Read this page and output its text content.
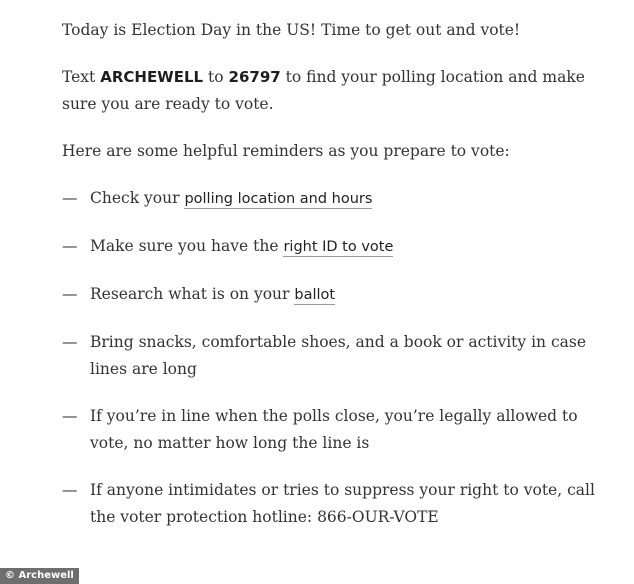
Today is Election Day in the US! Time to get out and vote!

Text ARCHEWELL to 26797 to find your polling location and make sure you are ready to vote.

Here are some helpful reminders as you prepare to vote:

— Check your polling location and hours
— Make sure you have the right ID to vote
— Research what is on your ballot
— Bring snacks, comfortable shoes, and a book or activity in case lines are long
— If you’re in line when the polls close, you’re legally allowed to vote, no matter how long the line is
— If anyone intimidates or tries to suppress your right to vote, call the voter protection hotline: 866-OUR-VOTE
© Archewell
